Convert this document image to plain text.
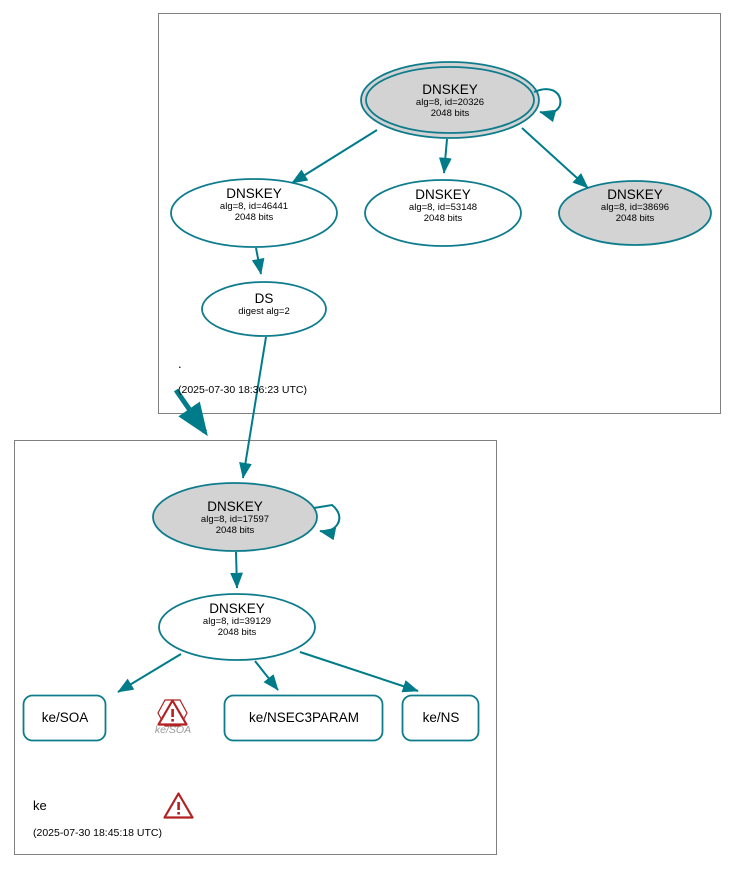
DNSKEY
alg=8, id=20326
2048 bits
DNSKEY
alg=8, id=46441
2048 bits
DNSKEY
alg=8, id=53148
2048 bits
DNSKEY
alg=8, id=38696
2048 bits
DS
digest alg=2
.
(2025-07-30 18:36:23 UTC)
DNSKEY
alg=8, id=17597
2048 bits
DNSKEY
alg=8, id=39129
2048 bits
ke/SOA	ke/NSEC3PARAM	ke/NS
ke/SOA
ke
(2025-07-30 18:45:18 UTC)
